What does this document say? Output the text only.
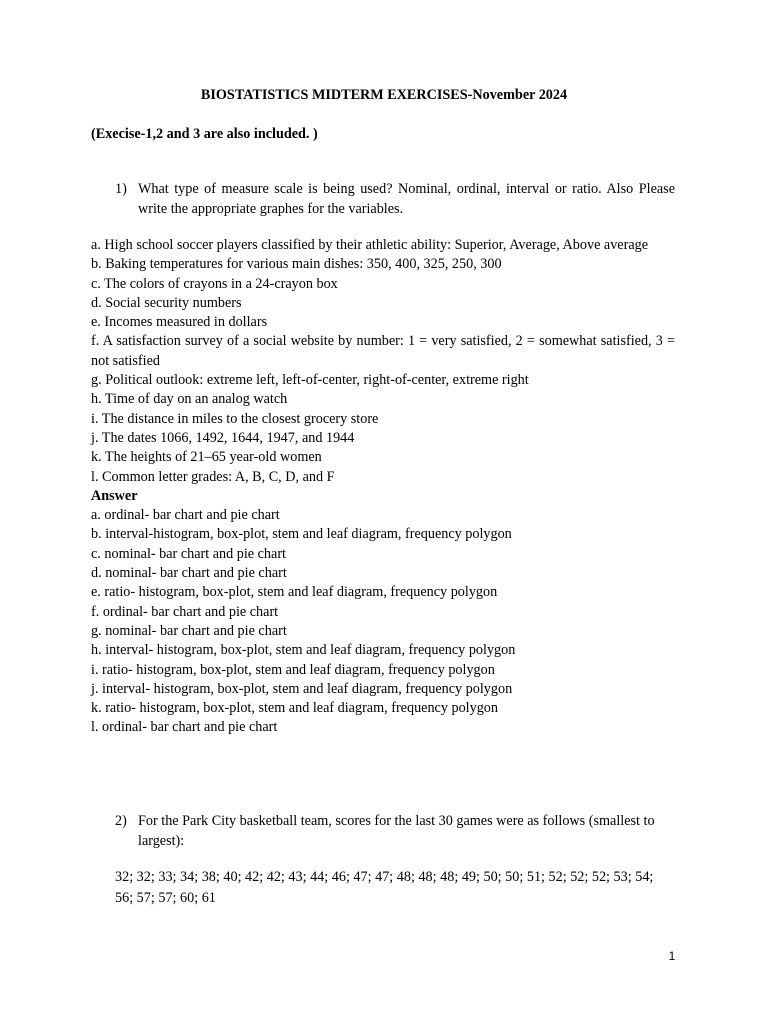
BIOSTATISTICS MIDTERM EXERCISES-November 2024
(Execise-1,2 and 3 are also included. )
1) What type of measure scale is being used? Nominal, ordinal, interval or ratio. Also Please write the appropriate graphes for the variables.
a. High school soccer players classified by their athletic ability: Superior, Average, Above average
b. Baking temperatures for various main dishes: 350, 400, 325, 250, 300
c. The colors of crayons in a 24-crayon box
d. Social security numbers
e. Incomes measured in dollars
f. A satisfaction survey of a social website by number: 1 = very satisfied, 2 = somewhat satisfied, 3 = not satisfied
g. Political outlook: extreme left, left-of-center, right-of-center, extreme right
h. Time of day on an analog watch
i. The distance in miles to the closest grocery store
j. The dates 1066, 1492, 1644, 1947, and 1944
k. The heights of 21–65 year-old women
l. Common letter grades: A, B, C, D, and F
Answer
a. ordinal- bar chart and pie chart
b. interval-histogram, box-plot, stem and leaf diagram, frequency polygon
c. nominal- bar chart and pie chart
d. nominal- bar chart and pie chart
e. ratio- histogram, box-plot, stem and leaf diagram, frequency polygon
f. ordinal- bar chart and pie chart
g. nominal- bar chart and pie chart
h. interval- histogram, box-plot, stem and leaf diagram, frequency polygon
i. ratio- histogram, box-plot, stem and leaf diagram, frequency polygon
j. interval- histogram, box-plot, stem and leaf diagram, frequency polygon
k. ratio- histogram, box-plot, stem and leaf diagram, frequency polygon
l. ordinal- bar chart and pie chart
2) For the Park City basketball team, scores for the last 30 games were as follows (smallest to largest):
32; 32; 33; 34; 38; 40; 42; 42; 43; 44; 46; 47; 47; 48; 48; 48; 49; 50; 50; 51; 52; 52; 52; 53; 54; 56; 57; 57; 60; 61
1
